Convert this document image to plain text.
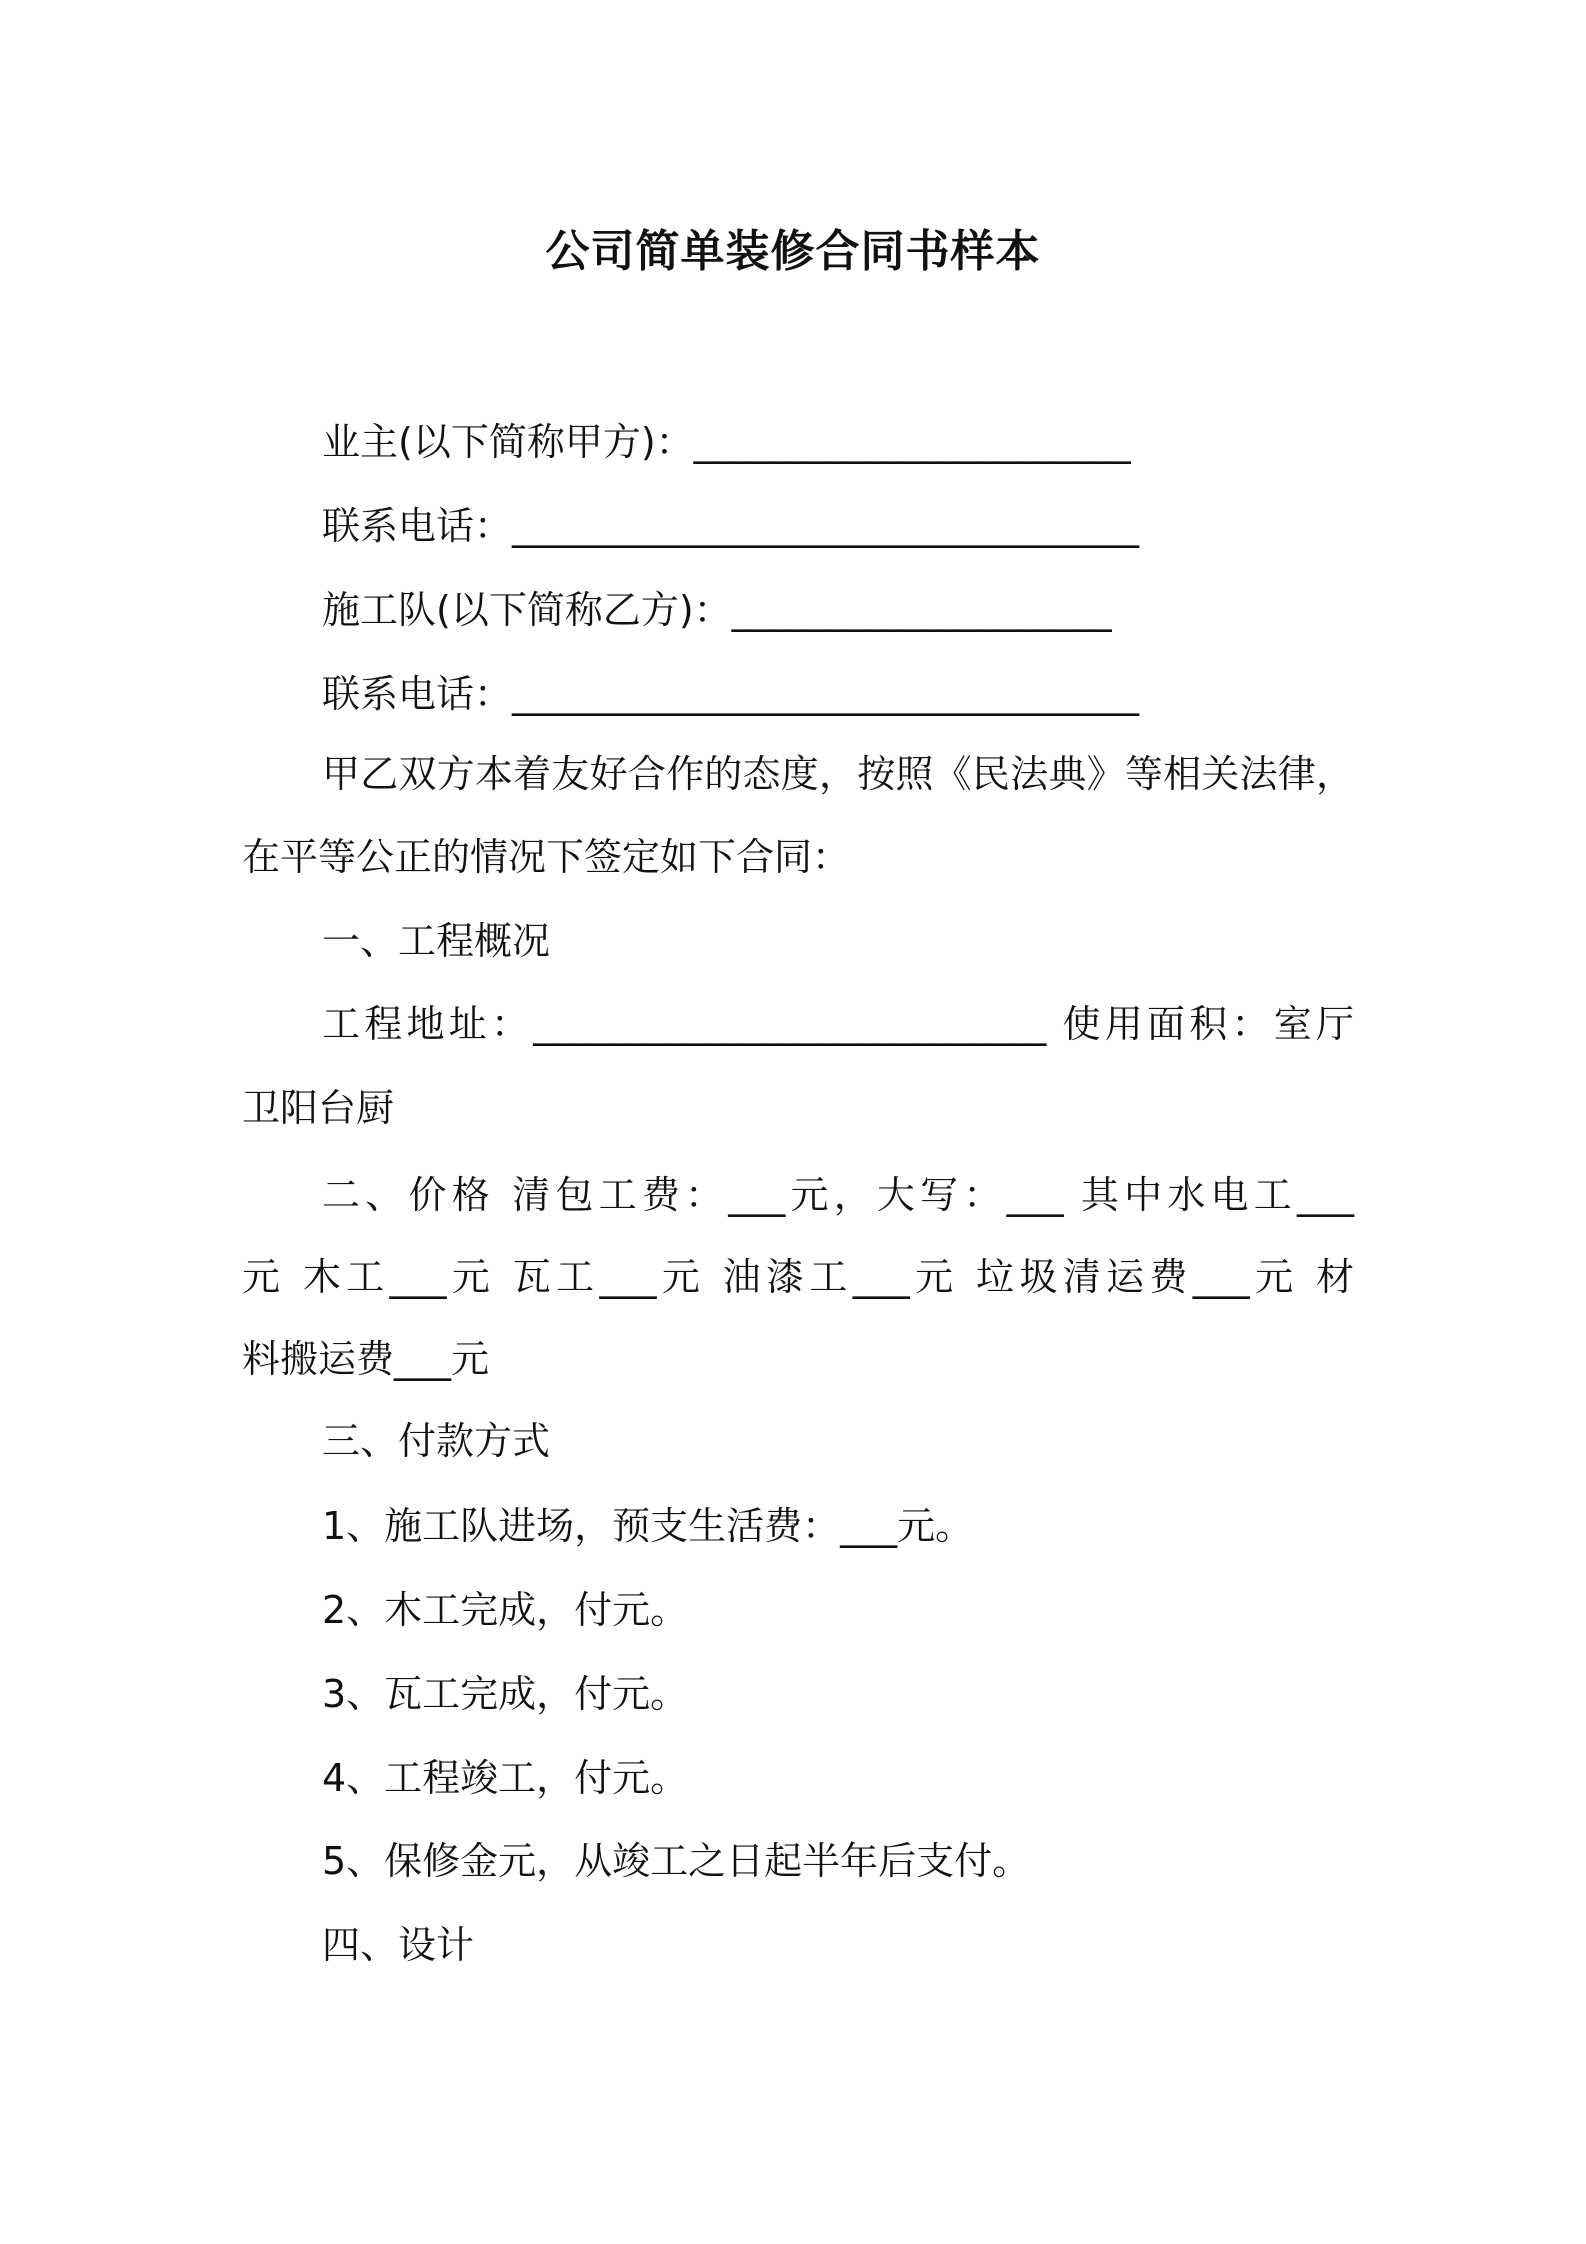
公司简单装修合同书样本
业主(以下简称甲方)：_______________________
联系电话：_________________________________
施工队(以下简称乙方)：____________________
联系电话：_________________________________
甲乙双方本着友好合作的态度，按照《民法典》等相关法律，
在平等公正的情况下签定如下合同：
一、工程概况
工程地址：___________________________ 使用面积：室厅
卫阳台厨
二、价格 清包工费：___元，大写：___ 其中水电工___
元 木工___元 瓦工___元 油漆工___元 垃圾清运费___元 材
料搬运费___元
三、付款方式
1、施工队进场，预支生活费：___元。
2、木工完成，付元。
3、瓦工完成，付元。
4、工程竣工，付元。
5、保修金元，从竣工之日起半年后支付。
四、设计
